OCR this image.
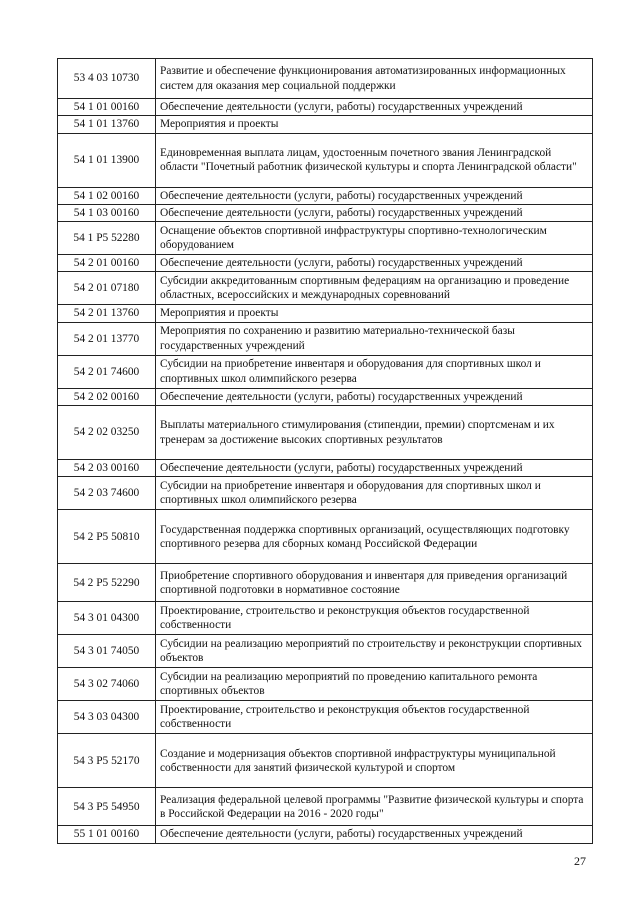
53 4 03 10730	Развитие и обеспечение функционирования автоматизированных информационных систем для оказания мер социальной поддержки
54 1 01 00160	Обеспечение деятельности (услуги, работы) государственных учреждений
54 1 01 13760	Мероприятия и проекты
54 1 01 13900	Единовременная выплата лицам, удостоенным почетного звания Ленинградской области "Почетный работник физической культуры и спорта Ленинградской области"
54 1 02 00160	Обеспечение деятельности (услуги, работы) государственных учреждений
54 1 03 00160	Обеспечение деятельности (услуги, работы) государственных учреждений
54 1 P5 52280	Оснащение объектов спортивной инфраструктуры спортивно-технологическим оборудованием
54 2 01 00160	Обеспечение деятельности (услуги, работы) государственных учреждений
54 2 01 07180	Субсидии аккредитованным спортивным федерациям на организацию и проведение областных, всероссийских и международных соревнований
54 2 01 13760	Мероприятия и проекты
54 2 01 13770	Мероприятия по сохранению и развитию материально-технической базы государственных учреждений
54 2 01 74600	Субсидии на приобретение инвентаря и оборудования для спортивных школ и спортивных школ олимпийского резерва
54 2 02 00160	Обеспечение деятельности (услуги, работы) государственных учреждений
54 2 02 03250	Выплаты материального стимулирования (стипендии, премии) спортсменам и их тренерам за достижение высоких спортивных результатов
54 2 03 00160	Обеспечение деятельности (услуги, работы) государственных учреждений
54 2 03 74600	Субсидии на приобретение инвентаря и оборудования для спортивных школ и спортивных школ олимпийского резерва
54 2 P5 50810	Государственная поддержка спортивных организаций, осуществляющих подготовку спортивного резерва для сборных команд Российской Федерации
54 2 P5 52290	Приобретение спортивного оборудования и инвентаря для приведения организаций спортивной подготовки в нормативное состояние
54 3 01 04300	Проектирование, строительство и реконструкция объектов государственной собственности
54 3 01 74050	Субсидии на реализацию мероприятий по строительству и реконструкции спортивных объектов
54 3 02 74060	Субсидии на реализацию мероприятий по проведению капитального ремонта спортивных объектов
54 3 03 04300	Проектирование, строительство и реконструкция объектов государственной собственности
54 3 P5 52170	Создание и модернизация объектов спортивной инфраструктуры муниципальной собственности для занятий физической культурой и спортом
54 3 P5 54950	Реализация федеральной целевой программы "Развитие физической культуры и спорта в Российской Федерации на 2016 - 2020 годы"
55 1 01 00160	Обеспечение деятельности (услуги, работы) государственных учреждений
27
